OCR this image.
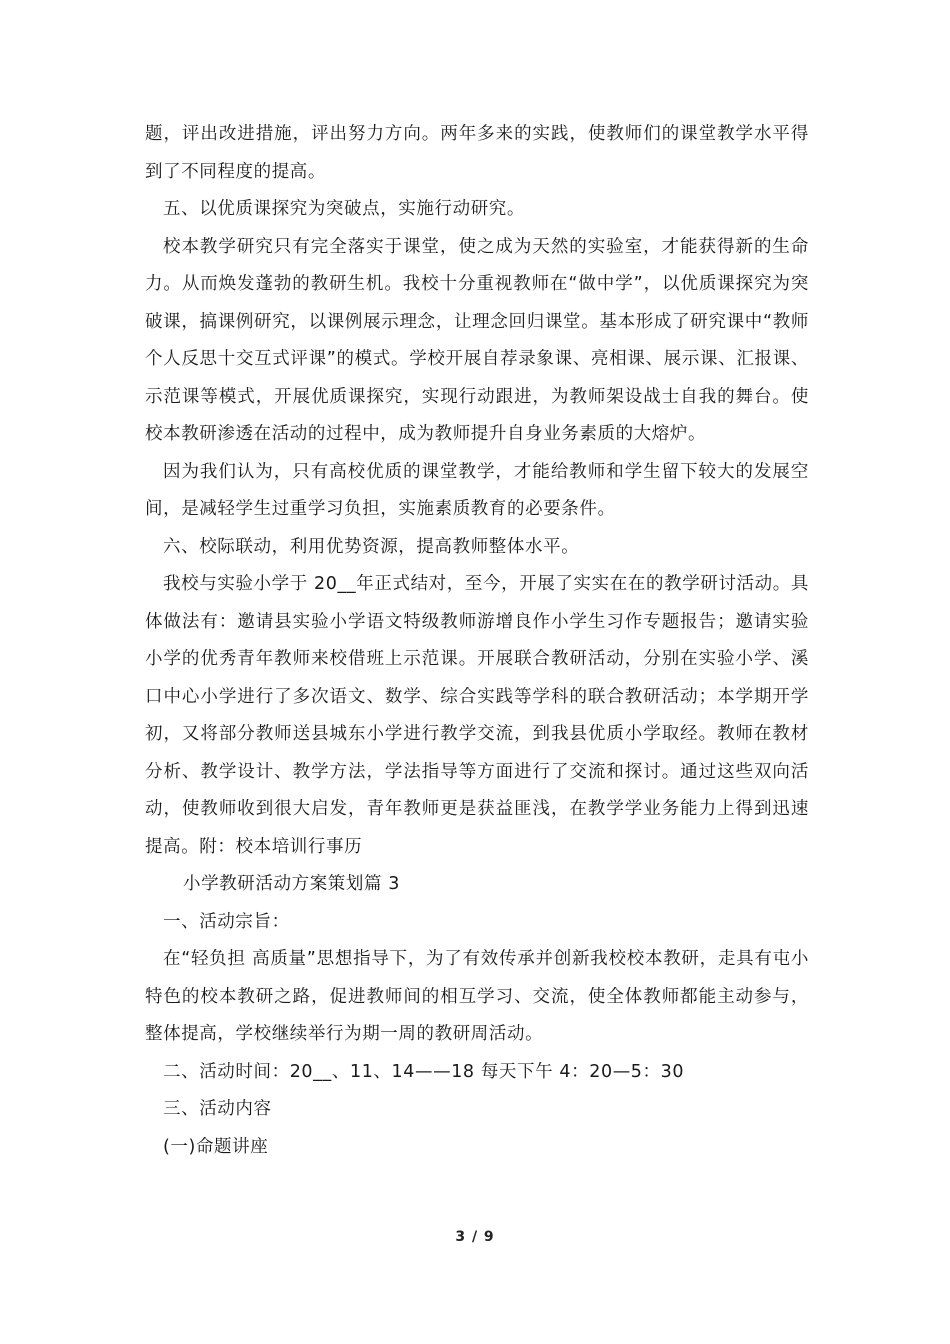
题，评出改进措施，评出努力方向。两年多来的实践，使教师们的课堂教学水平得到了不同程度的提高。

五、以优质课探究为突破点，实施行动研究。

校本教学研究只有完全落实于课堂，使之成为天然的实验室，才能获得新的生命力。从而焕发蓬勃的教研生机。我校十分重视教师在“做中学”，以优质课探究为突破课，搞课例研究，以课例展示理念，让理念回归课堂。基本形成了研究课中“教师个人反思十交互式评课”的模式。学校开展自荐录象课、亮相课、展示课、汇报课、示范课等模式，开展优质课探究，实现行动跟进，为教师架设战士自我的舞台。使校本教研渗透在活动的过程中，成为教师提升自身业务素质的大熔炉。

因为我们认为，只有高校优质的课堂教学，才能给教师和学生留下较大的发展空间，是减轻学生过重学习负担，实施素质教育的必要条件。

六、校际联动，利用优势资源，提高教师整体水平。

我校与实验小学于 20__年正式结对，至今，开展了实实在在的教学研讨活动。具体做法有：邀请县实验小学语文特级教师游增良作小学生习作专题报告；邀请实验小学的优秀青年教师来校借班上示范课。开展联合教研活动，分别在实验小学、溪口中心小学进行了多次语文、数学、综合实践等学科的联合教研活动；本学期开学初，又将部分教师送县城东小学进行教学交流，到我县优质小学取经。教师在教材分析、教学设计、教学方法，学法指导等方面进行了交流和探讨。通过这些双向活动，使教师收到很大启发，青年教师更是获益匪浅，在教学学业务能力上得到迅速提高。附：校本培训行事历

小学教研活动方案策划篇 3

一、活动宗旨：

在“轻负担 高质量”思想指导下，为了有效传承并创新我校校本教研，走具有屯小特色的校本教研之路，促进教师间的相互学习、交流，使全体教师都能主动参与，整体提高，学校继续举行为期一周的教研周活动。

二、活动时间：20__、11、14——18 每天下午 4：20—5：30

三、活动内容

(一)命题讲座

3 / 9
